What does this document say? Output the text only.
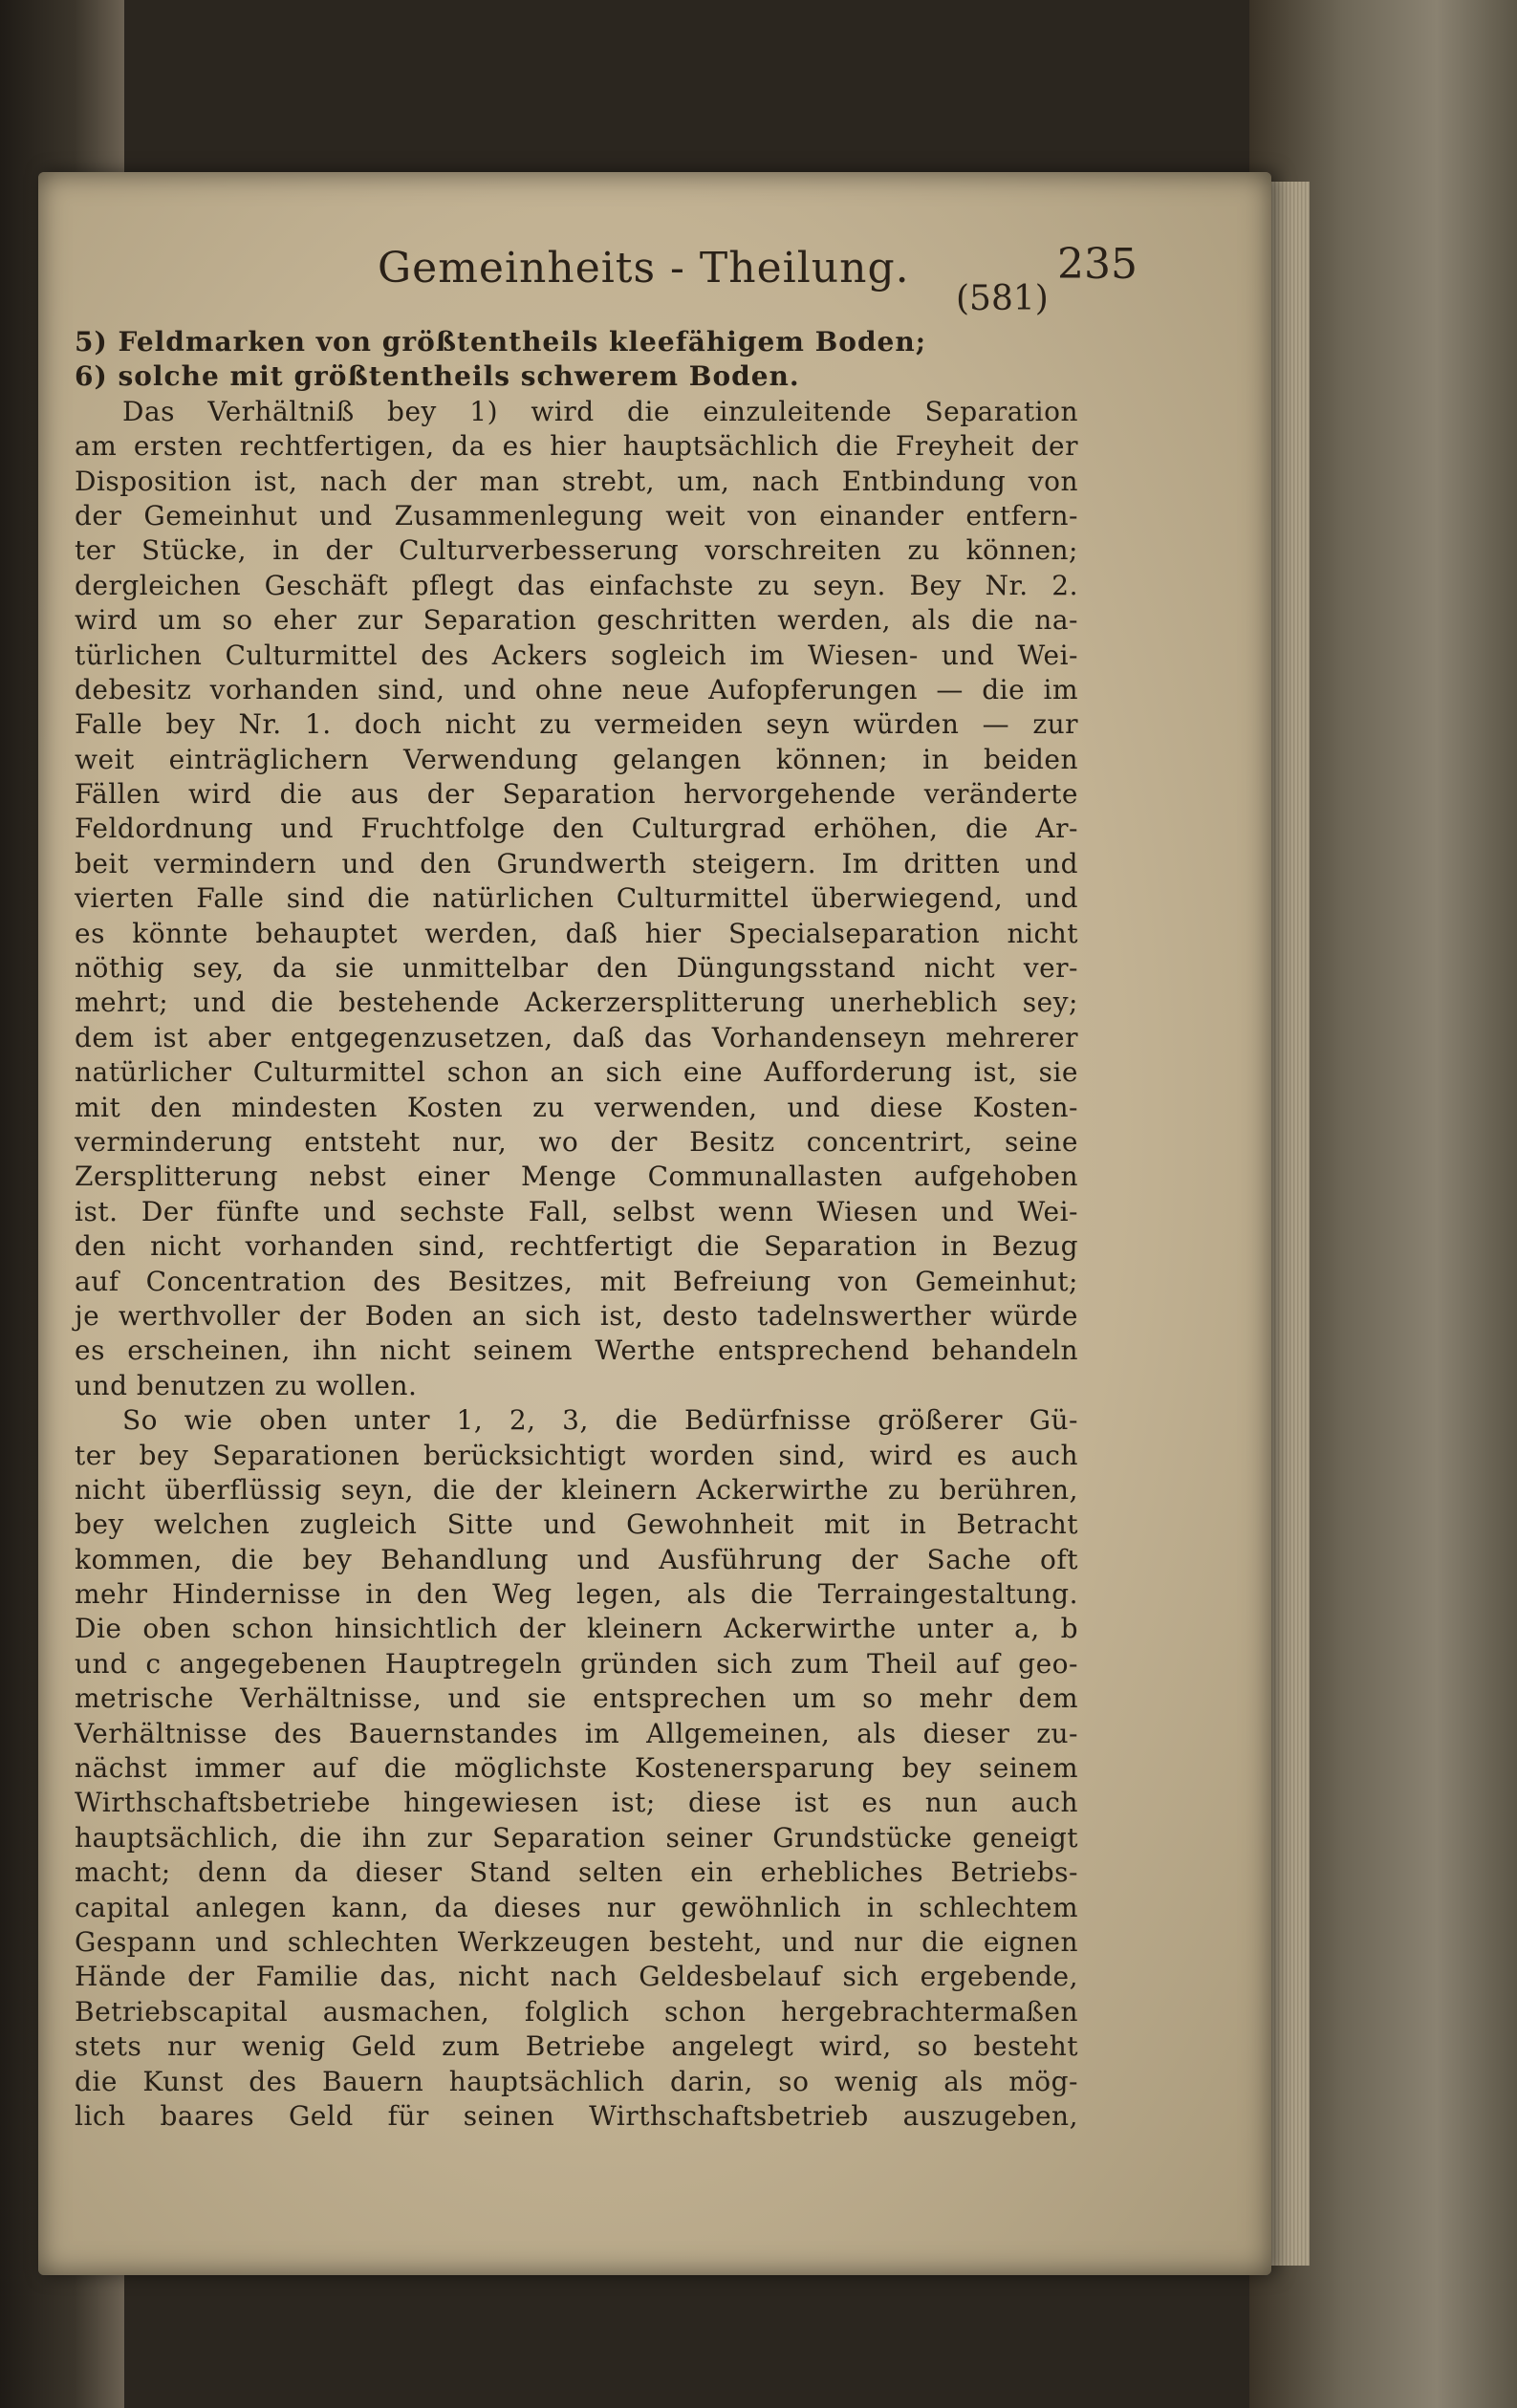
Gemeinheits - Theilung.	235
(581)
5) Feldmarken von größtentheils kleefähigem Boden;
6) solche mit größtentheils schwerem Boden.
Das Verhältniß bey 1) wird die einzuleitende Separation
am ersten rechtfertigen, da es hier hauptsächlich die Freyheit der
Disposition ist, nach der man strebt, um, nach Entbindung von
der Gemeinhut und Zusammenlegung weit von einander entfern-
ter Stücke, in der Culturverbesserung vorschreiten zu können;
dergleichen Geschäft pflegt das einfachste zu seyn. Bey Nr. 2.
wird um so eher zur Separation geschritten werden, als die na-
türlichen Culturmittel des Ackers sogleich im Wiesen- und Wei-
debesitz vorhanden sind, und ohne neue Aufopferungen — die im
Falle bey Nr. 1. doch nicht zu vermeiden seyn würden — zur
weit einträglichern Verwendung gelangen können; in beiden
Fällen wird die aus der Separation hervorgehende veränderte
Feldordnung und Fruchtfolge den Culturgrad erhöhen, die Ar-
beit vermindern und den Grundwerth steigern. Im dritten und
vierten Falle sind die natürlichen Culturmittel überwiegend, und
es könnte behauptet werden, daß hier Specialseparation nicht
nöthig sey, da sie unmittelbar den Düngungsstand nicht ver-
mehrt; und die bestehende Ackerzersplitterung unerheblich sey;
dem ist aber entgegenzusetzen, daß das Vorhandenseyn mehrerer
natürlicher Culturmittel schon an sich eine Aufforderung ist, sie
mit den mindesten Kosten zu verwenden, und diese Kosten-
verminderung entsteht nur, wo der Besitz concentrirt, seine
Zersplitterung nebst einer Menge Communallasten aufgehoben
ist. Der fünfte und sechste Fall, selbst wenn Wiesen und Wei-
den nicht vorhanden sind, rechtfertigt die Separation in Bezug
auf Concentration des Besitzes, mit Befreiung von Gemeinhut;
je werthvoller der Boden an sich ist, desto tadelnswerther würde
es erscheinen, ihn nicht seinem Werthe entsprechend behandeln
und benutzen zu wollen.
So wie oben unter 1, 2, 3, die Bedürfnisse größerer Gü-
ter bey Separationen berücksichtigt worden sind, wird es auch
nicht überflüssig seyn, die der kleinern Ackerwirthe zu berühren,
bey welchen zugleich Sitte und Gewohnheit mit in Betracht
kommen, die bey Behandlung und Ausführung der Sache oft
mehr Hindernisse in den Weg legen, als die Terraingestaltung.
Die oben schon hinsichtlich der kleinern Ackerwirthe unter a, b
und c angegebenen Hauptregeln gründen sich zum Theil auf geo-
metrische Verhältnisse, und sie entsprechen um so mehr dem
Verhältnisse des Bauernstandes im Allgemeinen, als dieser zu-
nächst immer auf die möglichste Kostenersparung bey seinem
Wirthschaftsbetriebe hingewiesen ist; diese ist es nun auch
hauptsächlich, die ihn zur Separation seiner Grundstücke geneigt
macht; denn da dieser Stand selten ein erhebliches Betriebs-
capital anlegen kann, da dieses nur gewöhnlich in schlechtem
Gespann und schlechten Werkzeugen besteht, und nur die eignen
Hände der Familie das, nicht nach Geldesbelauf sich ergebende,
Betriebscapital ausmachen, folglich schon hergebrachtermaßen
stets nur wenig Geld zum Betriebe angelegt wird, so besteht
die Kunst des Bauern hauptsächlich darin, so wenig als mög-
lich baares Geld für seinen Wirthschaftsbetrieb auszugeben,
